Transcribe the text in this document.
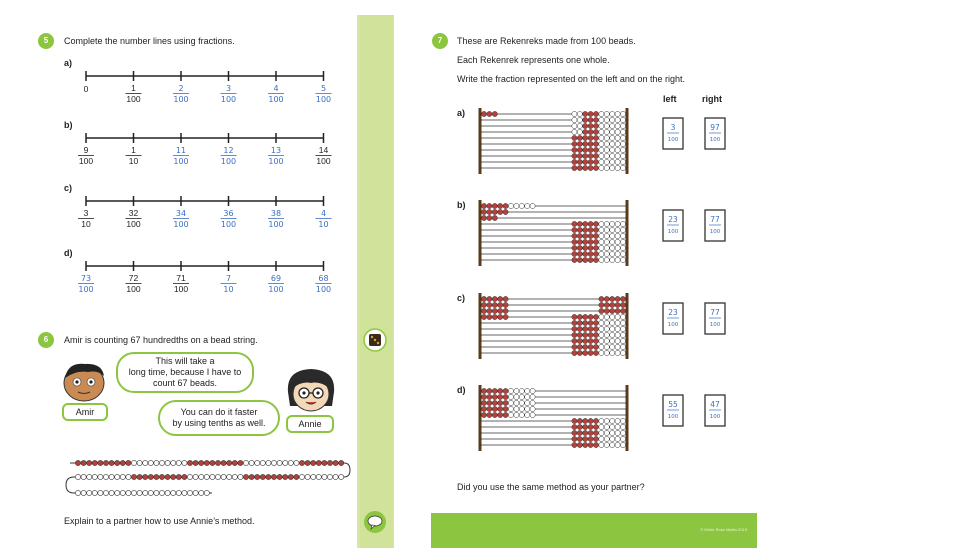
5	Complete the number lines using fractions.
a)
0	1
100
2
100
3
100
4
100
5
100
b)
9
100
1
10
11
100
12
100
13
100
14
100
c)
3
10
32
100
34
100
36
100
38
100
4
10
d)
73
100
72
100
71
100
7
10
69
100
68
100
6	Amir is counting 67 hundredths on a bead string.
Amir
This will take a
long time, because I have to
count 67 beads.
You can do it faster
by using tenths as well.	Annie
Explain to a partner how to use Annie’s method.
7	These are Rekenreks made from 100 beads.
Each Rekenrek represents one whole.
Write the fraction represented on the left and on the right.
left	right
a)
3
100
97
100
b)
23
100
77
100
c)
23
100
77
100
d)
55
100
47
100
Did you use the same method as your partner?
© White Rose Maths 2019
